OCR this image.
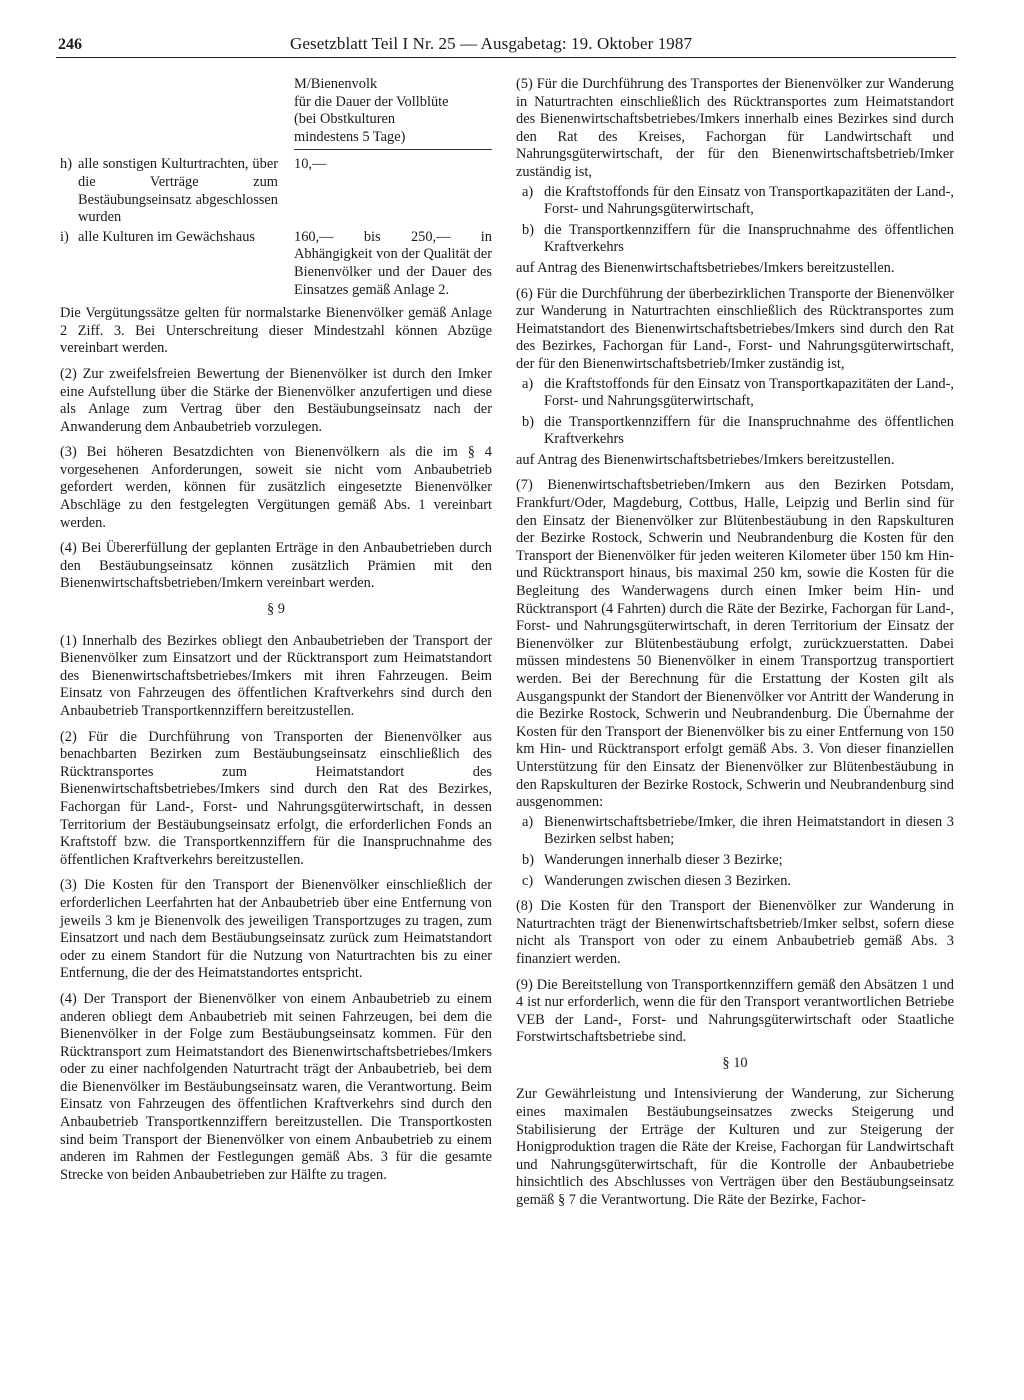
246	Gesetzblatt Teil I Nr. 25 — Ausgabetag: 19. Oktober 1987
M/Bienenvolk
für die Dauer der Vollblüte
(bei Obstkulturen
mindestens 5 Tage)
h) alle sonstigen Kulturtrachten, über die Verträge zum Bestäubungseinsatz abgeschlossen wurden
10,—
i) alle Kulturen im Gewächshaus	160,— bis 250,— in Abhängigkeit von der Qualität der Bienenvölker und der Dauer des Einsatzes gemäß Anlage 2.

Die Vergütungssätze gelten für normalstarke Bienenvölker gemäß Anlage 2 Ziff. 3. Bei Unterschreitung dieser Mindestzahl können Abzüge vereinbart werden.

(2) Zur zweifelsfreien Bewertung der Bienenvölker ist durch den Imker eine Aufstellung über die Stärke der Bienenvölker anzufertigen und diese als Anlage zum Vertrag über den Bestäubungseinsatz nach der Anwanderung dem Anbaubetrieb vorzulegen.

(3) Bei höheren Besatzdichten von Bienenvölkern als die im § 4 vorgesehenen Anforderungen, soweit sie nicht vom Anbaubetrieb gefordert werden, können für zusätzlich eingesetzte Bienenvölker Abschläge zu den festgelegten Vergütungen gemäß Abs. 1 vereinbart werden.

(4) Bei Übererfüllung der geplanten Erträge in den Anbaubetrieben durch den Bestäubungseinsatz können zusätzlich Prämien mit den Bienenwirtschaftsbetrieben/Imkern vereinbart werden.

§ 9

(1) Innerhalb des Bezirkes obliegt den Anbaubetrieben der Transport der Bienenvölker zum Einsatzort und der Rücktransport zum Heimatstandort des Bienenwirtschaftsbetriebes/Imkers mit ihren Fahrzeugen. Beim Einsatz von Fahrzeugen des öffentlichen Kraftverkehrs sind durch den Anbaubetrieb Transportkennziffern bereitzustellen.

(2) Für die Durchführung von Transporten der Bienenvölker aus benachbarten Bezirken zum Bestäubungseinsatz einschließlich des Rücktransportes zum Heimatstandort des Bienenwirtschaftsbetriebes/Imkers sind durch den Rat des Bezirkes, Fachorgan für Land-, Forst- und Nahrungsgüterwirtschaft, in dessen Territorium der Bestäubungseinsatz erfolgt, die erforderlichen Fonds an Kraftstoff bzw. die Transportkennziffern für die Inanspruchnahme des öffentlichen Kraftverkehrs bereitzustellen.

(3) Die Kosten für den Transport der Bienenvölker einschließlich der erforderlichen Leerfahrten hat der Anbaubetrieb über eine Entfernung von jeweils 3 km je Bienenvolk des jeweiligen Transportzuges zu tragen, zum Einsatzort und nach dem Bestäubungseinsatz zurück zum Heimatstandort oder zu einem Standort für die Nutzung von Naturtrachten bis zu einer Entfernung, die der des Heimatstandortes entspricht.

(4) Der Transport der Bienenvölker von einem Anbaubetrieb zu einem anderen obliegt dem Anbaubetrieb mit seinen Fahrzeugen, bei dem die Bienenvölker in der Folge zum Bestäubungseinsatz kommen. Für den Rücktransport zum Heimatstandort des Bienenwirtschaftsbetriebes/Imkers oder zu einer nachfolgenden Naturtracht trägt der Anbaubetrieb, bei dem die Bienenvölker im Bestäubungseinsatz waren, die Verantwortung. Beim Einsatz von Fahrzeugen des öffentlichen Kraftverkehrs sind durch den Anbaubetrieb Transportkennziffern bereitzustellen. Die Transportkosten sind beim Transport der Bienenvölker von einem Anbaubetrieb zu einem anderen im Rahmen der Festlegungen gemäß Abs. 3 für die gesamte Strecke von beiden Anbaubetrieben zur Hälfte zu tragen.

(5) Für die Durchführung des Transportes der Bienenvölker zur Wanderung in Naturtrachten einschließlich des Rücktransportes zum Heimatstandort des Bienenwirtschaftsbetriebes/Imkers innerhalb eines Bezirkes sind durch den Rat des Kreises, Fachorgan für Landwirtschaft und Nahrungsgüterwirtschaft, der für den Bienenwirtschaftsbetrieb/Imker zuständig ist,

a) die Kraftstoffonds für den Einsatz von Transportkapazitäten der Land-, Forst- und Nahrungsgüterwirtschaft,
b) die Transportkennziffern für die Inanspruchnahme des öffentlichen Kraftverkehrs

auf Antrag des Bienenwirtschaftsbetriebes/Imkers bereitzustellen.

(6) Für die Durchführung der überbezirklichen Transporte der Bienenvölker zur Wanderung in Naturtrachten einschließlich des Rücktransportes zum Heimatstandort des Bienenwirtschaftsbetriebes/Imkers sind durch den Rat des Bezirkes, Fachorgan für Land-, Forst- und Nahrungsgüterwirtschaft, der für den Bienenwirtschaftsbetrieb/Imker zuständig ist,

a) die Kraftstoffonds für den Einsatz von Transportkapazitäten der Land-, Forst- und Nahrungsgüterwirtschaft,
b) die Transportkennziffern für die Inanspruchnahme des öffentlichen Kraftverkehrs

auf Antrag des Bienenwirtschaftsbetriebes/Imkers bereitzustellen.

(7) Bienenwirtschaftsbetrieben/Imkern aus den Bezirken Potsdam, Frankfurt/Oder, Magdeburg, Cottbus, Halle, Leipzig und Berlin sind für den Einsatz der Bienenvölker zur Blütenbestäubung in den Rapskulturen der Bezirke Rostock, Schwerin und Neubrandenburg die Kosten für den Transport der Bienenvölker für jeden weiteren Kilometer über 150 km Hin- und Rücktransport hinaus, bis maximal 250 km, sowie die Kosten für die Begleitung des Wanderwagens durch einen Imker beim Hin- und Rücktransport (4 Fahrten) durch die Räte der Bezirke, Fachorgan für Land-, Forst- und Nahrungsgüterwirtschaft, in deren Territorium der Einsatz der Bienenvölker zur Blütenbestäubung erfolgt, zurückzuerstatten. Dabei müssen mindestens 50 Bienenvölker in einem Transportzug transportiert werden. Bei der Berechnung für die Erstattung der Kosten gilt als Ausgangspunkt der Standort der Bienenvölker vor Antritt der Wanderung in die Bezirke Rostock, Schwerin und Neubrandenburg. Die Übernahme der Kosten für den Transport der Bienenvölker bis zu einer Entfernung von 150 km Hin- und Rücktransport erfolgt gemäß Abs. 3. Von dieser finanziellen Unterstützung für den Einsatz der Bienenvölker zur Blütenbestäubung in den Rapskulturen der Bezirke Rostock, Schwerin und Neubrandenburg sind ausgenommen:

a) Bienenwirtschaftsbetriebe/Imker, die ihren Heimatstandort in diesen 3 Bezirken selbst haben;
b) Wanderungen innerhalb dieser 3 Bezirke;
c) Wanderungen zwischen diesen 3 Bezirken.

(8) Die Kosten für den Transport der Bienenvölker zur Wanderung in Naturtrachten trägt der Bienenwirtschaftsbetrieb/Imker selbst, sofern diese nicht als Transport von oder zu einem Anbaubetrieb gemäß Abs. 3 finanziert werden.

(9) Die Bereitstellung von Transportkennziffern gemäß den Absätzen 1 und 4 ist nur erforderlich, wenn die für den Transport verantwortlichen Betriebe VEB der Land-, Forst- und Nahrungsgüterwirtschaft oder Staatliche Forstwirtschaftsbetriebe sind.

§ 10

Zur Gewährleistung und Intensivierung der Wanderung, zur Sicherung eines maximalen Bestäubungseinsatzes zwecks Steigerung und Stabilisierung der Erträge der Kulturen und zur Steigerung der Honigproduktion tragen die Räte der Kreise, Fachorgan für Landwirtschaft und Nahrungsgüterwirtschaft, für die Kontrolle der Anbaubetriebe hinsichtlich des Abschlusses von Verträgen über den Bestäubungseinsatz gemäß § 7 die Verantwortung. Die Räte der Bezirke, Fachor-
